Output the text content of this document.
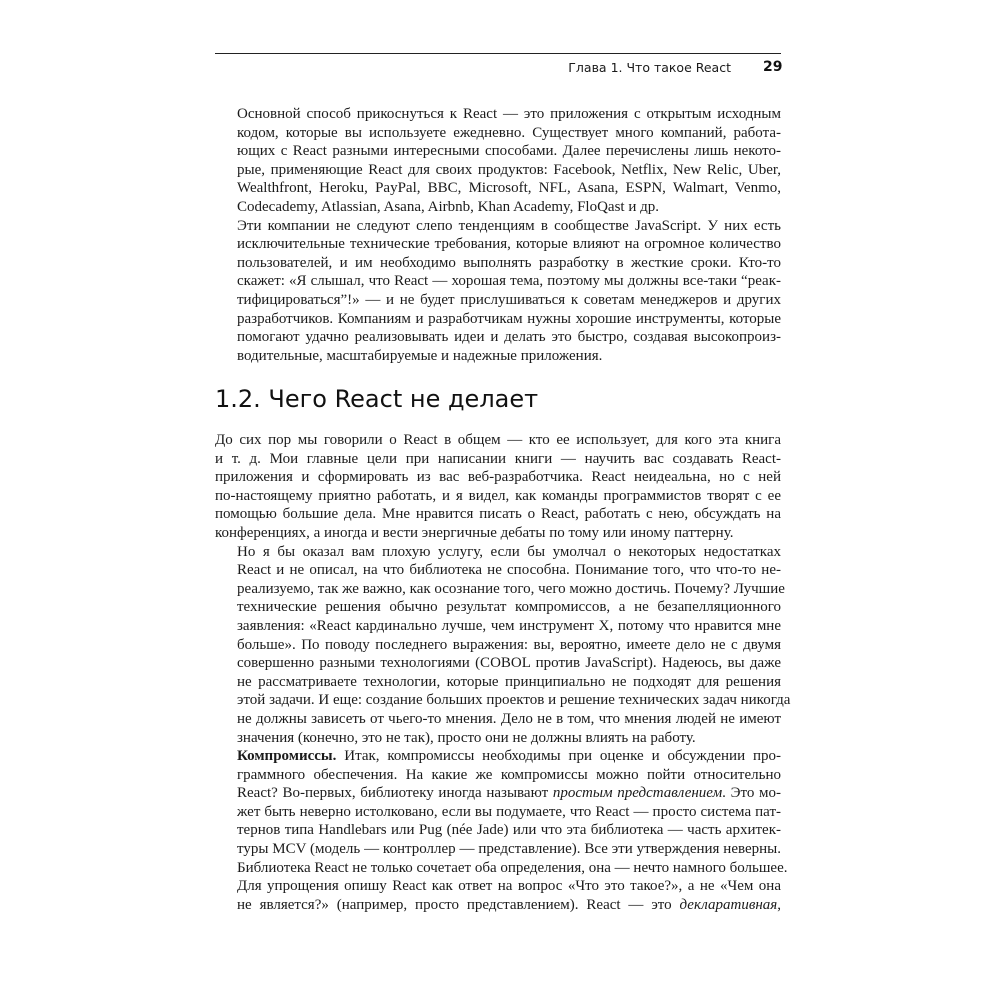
Глава 1. Что такое React 29

Основной способ прикоснуться к React — это приложения с открытым исходным
кодом, которые вы используете ежедневно. Существует много компаний, работа-
ющих с React разными интересными способами. Далее перечислены лишь некото-
рые, применяющие React для своих продуктов: Facebook, Netflix, New Relic, Uber,
Wealthfront, Heroku, PayPal, BBC, Microsoft, NFL, Asana, ESPN, Walmart, Venmo,
Codecademy, Atlassian, Asana, Airbnb, Khan Academy, FloQast и др.

Эти компании не следуют слепо тенденциям в сообществе JavaScript. У них есть
исключительные технические требования, которые влияют на огромное количество
пользователей, и им необходимо выполнять разработку в жесткие сроки. Кто-то
скажет: «Я слышал, что React — хорошая тема, поэтому мы должны все-таки “реак-
тифицироваться”!» — и не будет прислушиваться к советам менеджеров и других
разработчиков. Компаниям и разработчикам нужны хорошие инструменты, которые
помогают удачно реализовывать идеи и делать это быстро, создавая высокопроиз-
водительные, масштабируемые и надежные приложения.

1.2. Чего React не делает

До сих пор мы говорили о React в общем — кто ее использует, для кого эта книга
и т. д. Мои главные цели при написании книги — научить вас создавать React-
приложения и сформировать из вас веб-разработчика. React неидеальна, но с ней
по-настоящему приятно работать, и я видел, как команды программистов творят с ее
помощью большие дела. Мне нравится писать о React, работать с нею, обсуждать на
конференциях, а иногда и вести энергичные дебаты по тому или иному паттерну.

Но я бы оказал вам плохую услугу, если бы умолчал о некоторых недостатках
React и не описал, на что библиотека не способна. Понимание того, что что-то не-
реализуемо, так же важно, как осознание того, чего можно достичь. Почему? Лучшие
технические решения обычно результат компромиссов, а не безапелляционного
заявления: «React кардинально лучше, чем инструмент X, потому что нравится мне
больше». По поводу последнего выражения: вы, вероятно, имеете дело не с двумя
совершенно разными технологиями (COBOL против JavaScript). Надеюсь, вы даже
не рассматриваете технологии, которые принципиально не подходят для решения
этой задачи. И еще: создание больших проектов и решение технических задач никогда
не должны зависеть от чьего-то мнения. Дело не в том, что мнения людей не имеют
значения (конечно, это не так), просто они не должны влиять на работу.

Компромиссы. Итак, компромиссы необходимы при оценке и обсуждении про-
граммного обеспечения. На какие же компромиссы можно пойти относительно
React? Во-первых, библиотеку иногда называют простым представлением. Это мо-
жет быть неверно истолковано, если вы подумаете, что React — просто система пат-
тернов типа Handlebars или Pug (née Jade) или что эта библиотека — часть архитек-
туры MCV (модель — контроллер — представление). Все эти утверждения неверны.
Библиотека React не только сочетает оба определения, она — нечто намного большее.
Для упрощения опишу React как ответ на вопрос «Что это такое?», а не «Чем она
не является?» (например, просто представлением). React — это декларативная,
